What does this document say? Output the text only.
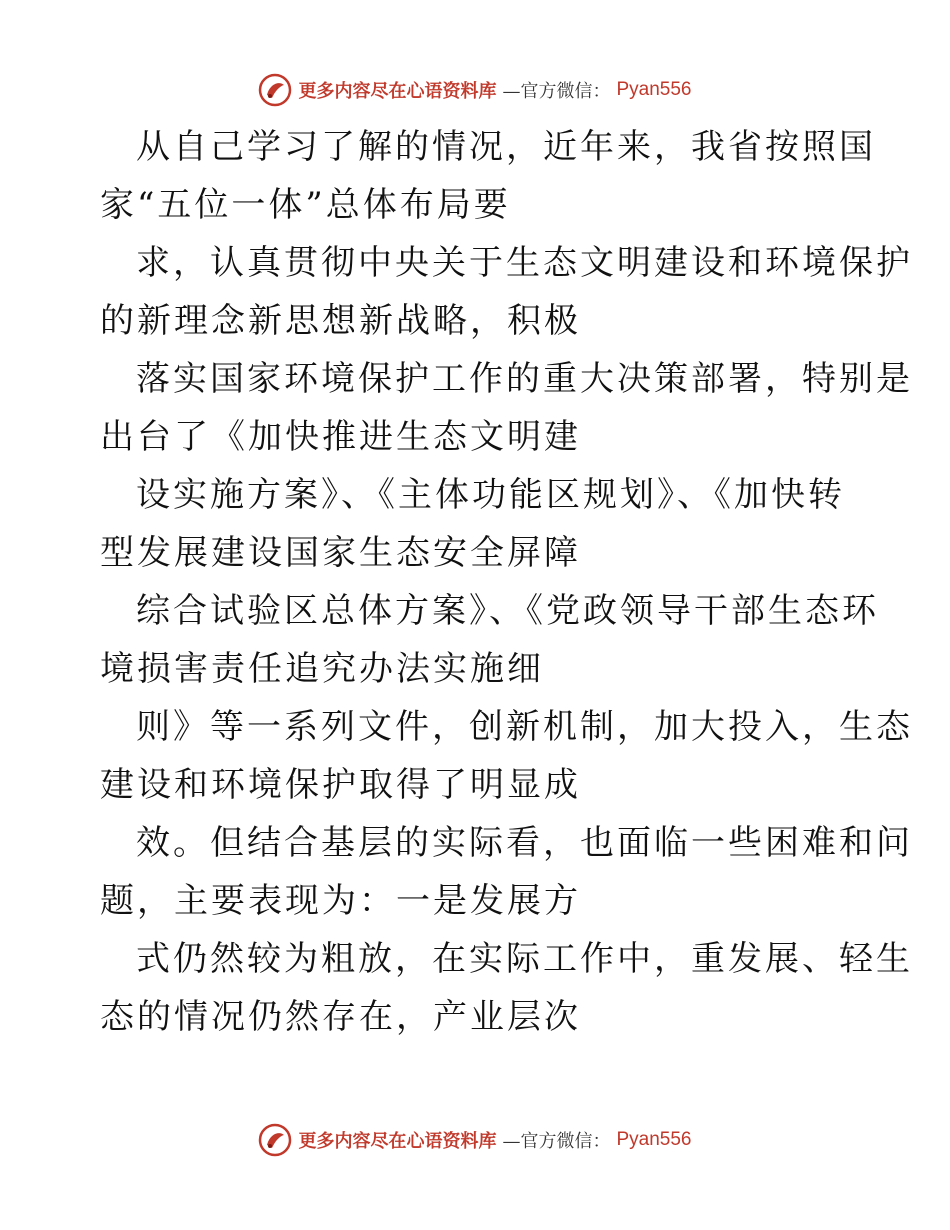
更多内容尽在心语资料库 —官方微信： Pyan556
从自己学习了解的情况，近年来，我省按照国
家“五位一体”总体布局要
求，认真贯彻中央关于生态文明建设和环境保护
的新理念新思想新战略，积极
落实国家环境保护工作的重大决策部署，特别是
出台了《加快推进生态文明建
设实施方案》、《主体功能区规划》、《加快转
型发展建设国家生态安全屏障
综合试验区总体方案》、《党政领导干部生态环
境损害责任追究办法实施细
则》等一系列文件，创新机制，加大投入，生态
建设和环境保护取得了明显成
效。但结合基层的实际看，也面临一些困难和问
题，主要表现为：一是发展方
式仍然较为粗放，在实际工作中，重发展、轻生
态的情况仍然存在，产业层次
更多内容尽在心语资料库 —官方微信： Pyan556
